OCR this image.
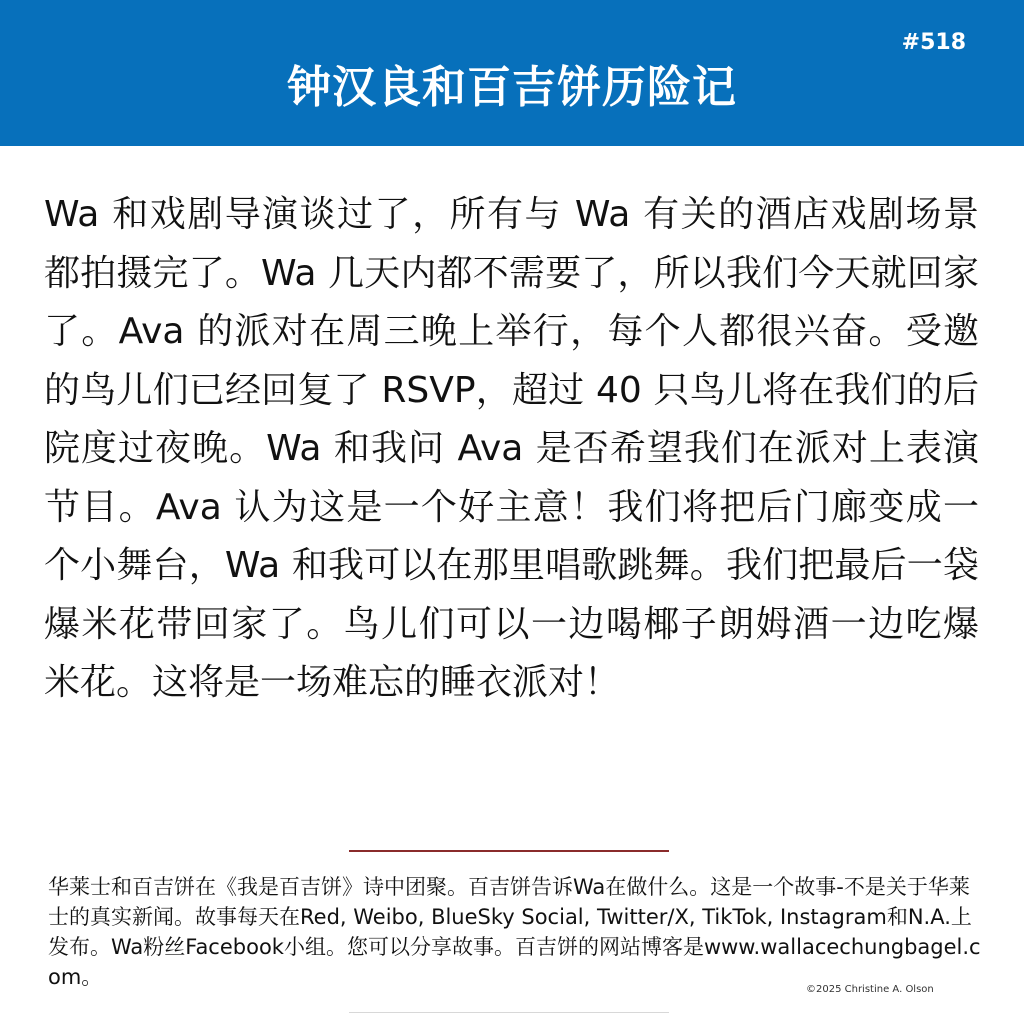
#518
钟汉良和百吉饼历险记

Wa 和戏剧导演谈过了，所有与 Wa 有关的酒店戏剧场景都拍摄完了。Wa 几天内都不需要了，所以我们今天就回家了。Ava 的派对在周三晚上举行，每个人都很兴奋。受邀的鸟儿们已经回复了 RSVP，超过 40 只鸟儿将在我们的后院度过夜晚。Wa 和我问 Ava 是否希望我们在派对上表演节目。Ava 认为这是一个好主意！我们将把后门廊变成一个小舞台，Wa 和我可以在那里唱歌跳舞。我们把最后一袋爆米花带回家了。鸟儿们可以一边喝椰子朗姆酒一边吃爆米花。这将是一场难忘的睡衣派对！

华莱士和百吉饼在《我是百吉饼》诗中团聚。百吉饼告诉Wa在做什么。这是一个故事-不是关于华莱士的真实新闻。故事每天在Red, Weibo, BlueSky Social, Twitter/X, TikTok, Instagram和N.A.上发布。Wa粉丝Facebook小组。您可以分享故事。百吉饼的网站博客是www.wallacechungbagel.com。

©2025 Christine A. Olson
